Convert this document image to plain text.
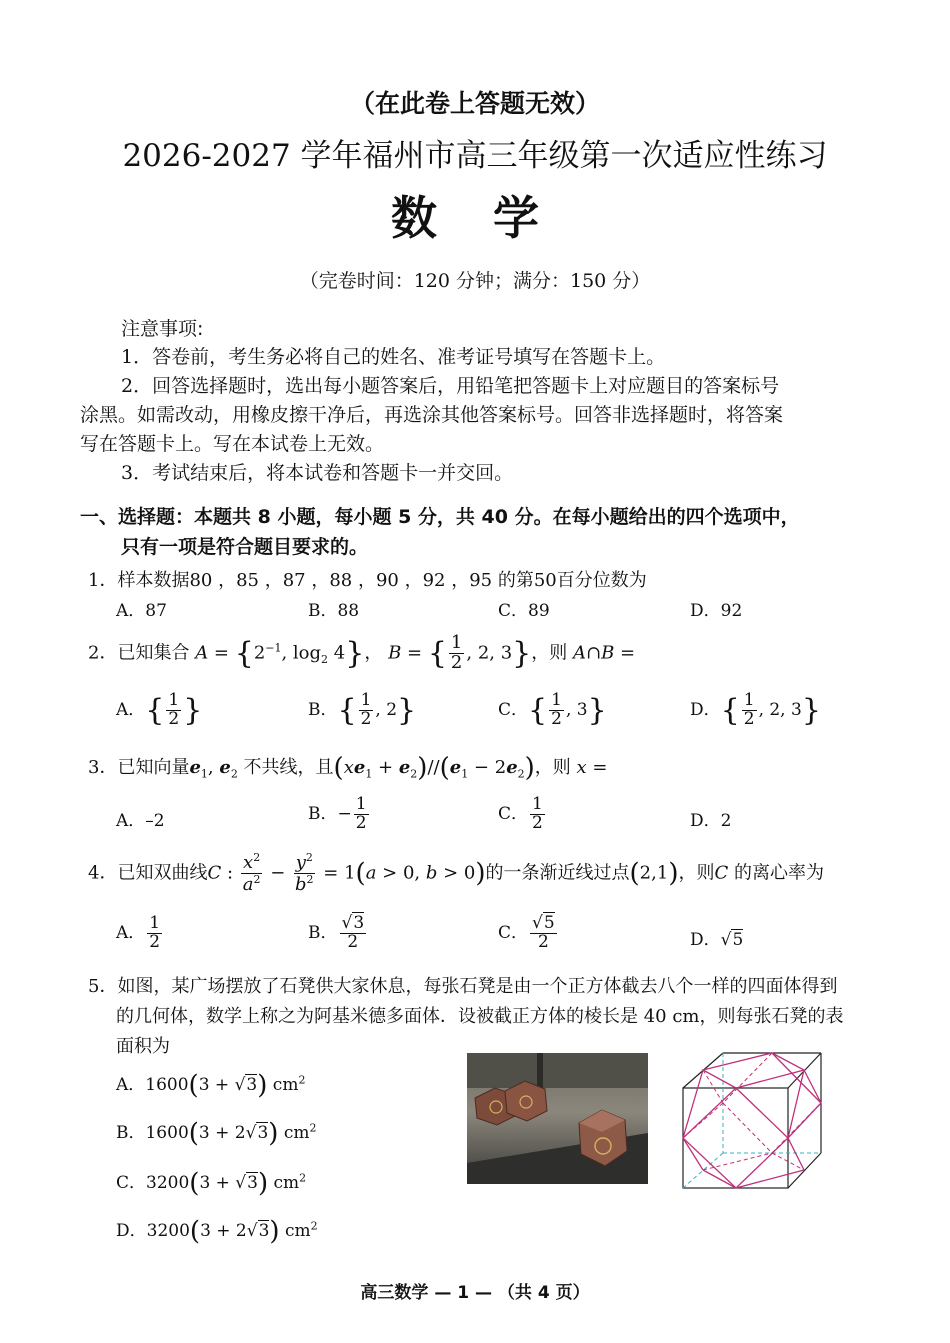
（在此卷上答题无效）
2026-2027 学年福州市高三年级第一次适应性练习
数 学
（完卷时间：120 分钟；满分：150 分）
注意事项:
1．答卷前，考生务必将自己的姓名、准考证号填写在答题卡上。
2．回答选择题时，选出每小题答案后，用铅笔把答题卡上对应题目的答案标号
涂黑。如需改动，用橡皮擦干净后，再选涂其他答案标号。回答非选择题时，将答案
写在答题卡上。写在本试卷上无效。
3．考试结束后，将本试卷和答题卡一并交回。
一、选择题：本题共 8 小题，每小题 5 分，共 40 分。在每小题给出的四个选项中，
只有一项是符合题目要求的。
1．样本数据80 ，85 ，87 ，88 ，90 ，92 ，95 的第50百分位数为
A．87	B．88	C．89	D．92
2．已知集合 $A = \{2^{-1}$, $\log_2 4$}， B = { $\frac{1}{2}$ , 2, 3}，则 A∩B =
A．{ $\frac{1}{2}$ }	B．{ $\frac{1}{2}$ , 2}	C．{ $\frac{1}{2}$ , 3}	D．{ $\frac{1}{2}$ , 2, 3}
3．已知向量$e_1$, $e_2$ 不共线，且$(xe_1 + e_2)//(e_1 - 2e_2)$，则 x =
A．–2	B．− $\frac{1}{2}$	C． $\frac{1}{2}$	D．2
4．已知双曲线C : $\frac{x^2}{a^2} - \frac{y^2}{b^2} = 1(a > 0$, b > 0)的一条渐近线过点(2,1)，则C 的离心率为
A． $\frac{1}{2}$	B． $\frac{√3}{2}$	C． $\frac{√5}{2}$	D．√5
5．如图，某广场摆放了石凳供大家休息，每张石凳是由一个正方体截去八个一样的四面体得到
的几何体，数学上称之为阿基米德多面体．设被截正方体的棱长是 40 cm，则每张石凳的表
面积为
A．1600(3 + √3) $cm^2$
B．1600(3 + 2√3) $cm^2$
C．3200(3 + √3) $cm^2$
D．3200(3 + 2√3) $cm^2$
高三数学 — 1 — （共 4 页）
